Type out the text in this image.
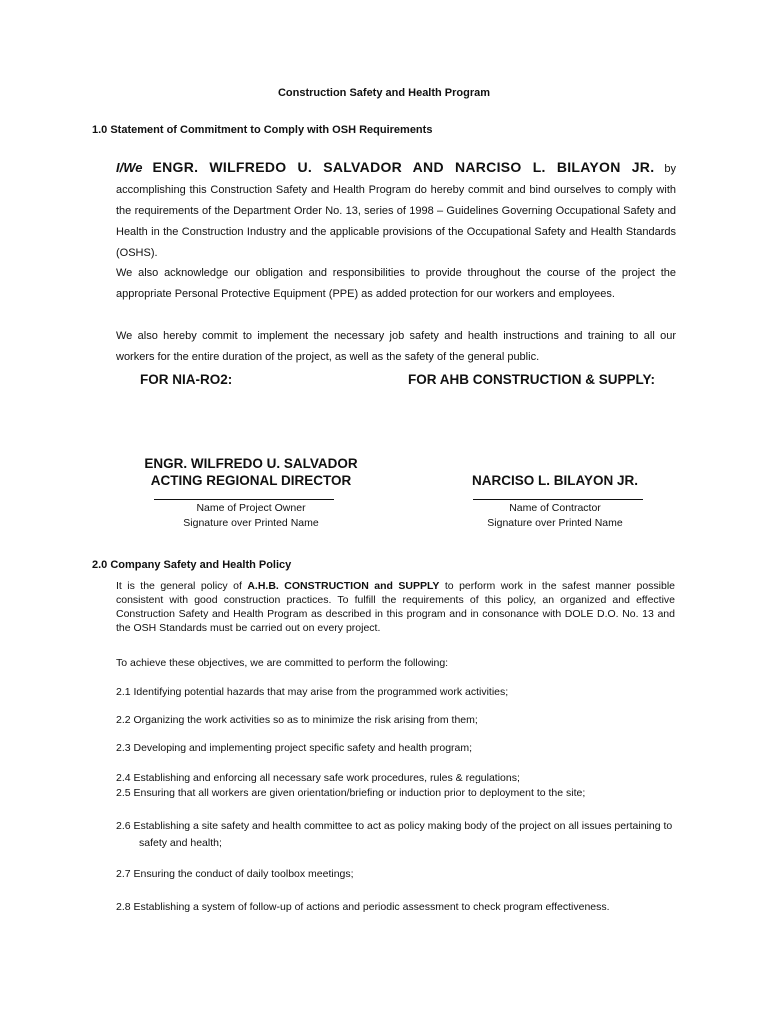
Construction Safety and Health Program
1.0 Statement of Commitment to Comply with OSH Requirements
I/We ENGR. WILFREDO U. SALVADOR AND NARCISO L. BILAYON JR. by accomplishing this Construction Safety and Health Program do hereby commit and bind ourselves to comply with the requirements of the Department Order No. 13, series of 1998 – Guidelines Governing Occupational Safety and Health in the Construction Industry and the applicable provisions of the Occupational Safety and Health Standards (OSHS).
We also acknowledge our obligation and responsibilities to provide throughout the course of the project the appropriate Personal Protective Equipment (PPE) as added protection for our workers and employees.
We also hereby commit to implement the necessary job safety and health instructions and training to all our workers for the entire duration of the project, as well as the safety of the general public.
FOR NIA-RO2:	FOR AHB CONSTRUCTION & SUPPLY:
ENGR. WILFREDO U. SALVADOR
ACTING REGIONAL DIRECTOR
Name of Project Owner
Signature over Printed Name
NARCISO L. BILAYON JR.
Name of Contractor
Signature over Printed Name
2.0 Company Safety and Health Policy
It is the general policy of A.H.B. CONSTRUCTION and SUPPLY to perform work in the safest manner possible consistent with good construction practices. To fulfill the requirements of this policy, an organized and effective Construction Safety and Health Program as described in this program and in consonance with DOLE D.O. No. 13 and the OSH Standards must be carried out on every project.
To achieve these objectives, we are committed to perform the following:
2.1 Identifying potential hazards that may arise from the programmed work activities;
2.2 Organizing the work activities so as to minimize the risk arising from them;
2.3 Developing and implementing project specific safety and health program;
2.4 Establishing and enforcing all necessary safe work procedures, rules & regulations;
2.5 Ensuring that all workers are given orientation/briefing or induction prior to deployment to the site;
2.6 Establishing a site safety and health committee to act as policy making body of the project on all issues pertaining to
safety and health;
2.7 Ensuring the conduct of daily toolbox meetings;
2.8 Establishing a system of follow-up of actions and periodic assessment to check program effectiveness.
